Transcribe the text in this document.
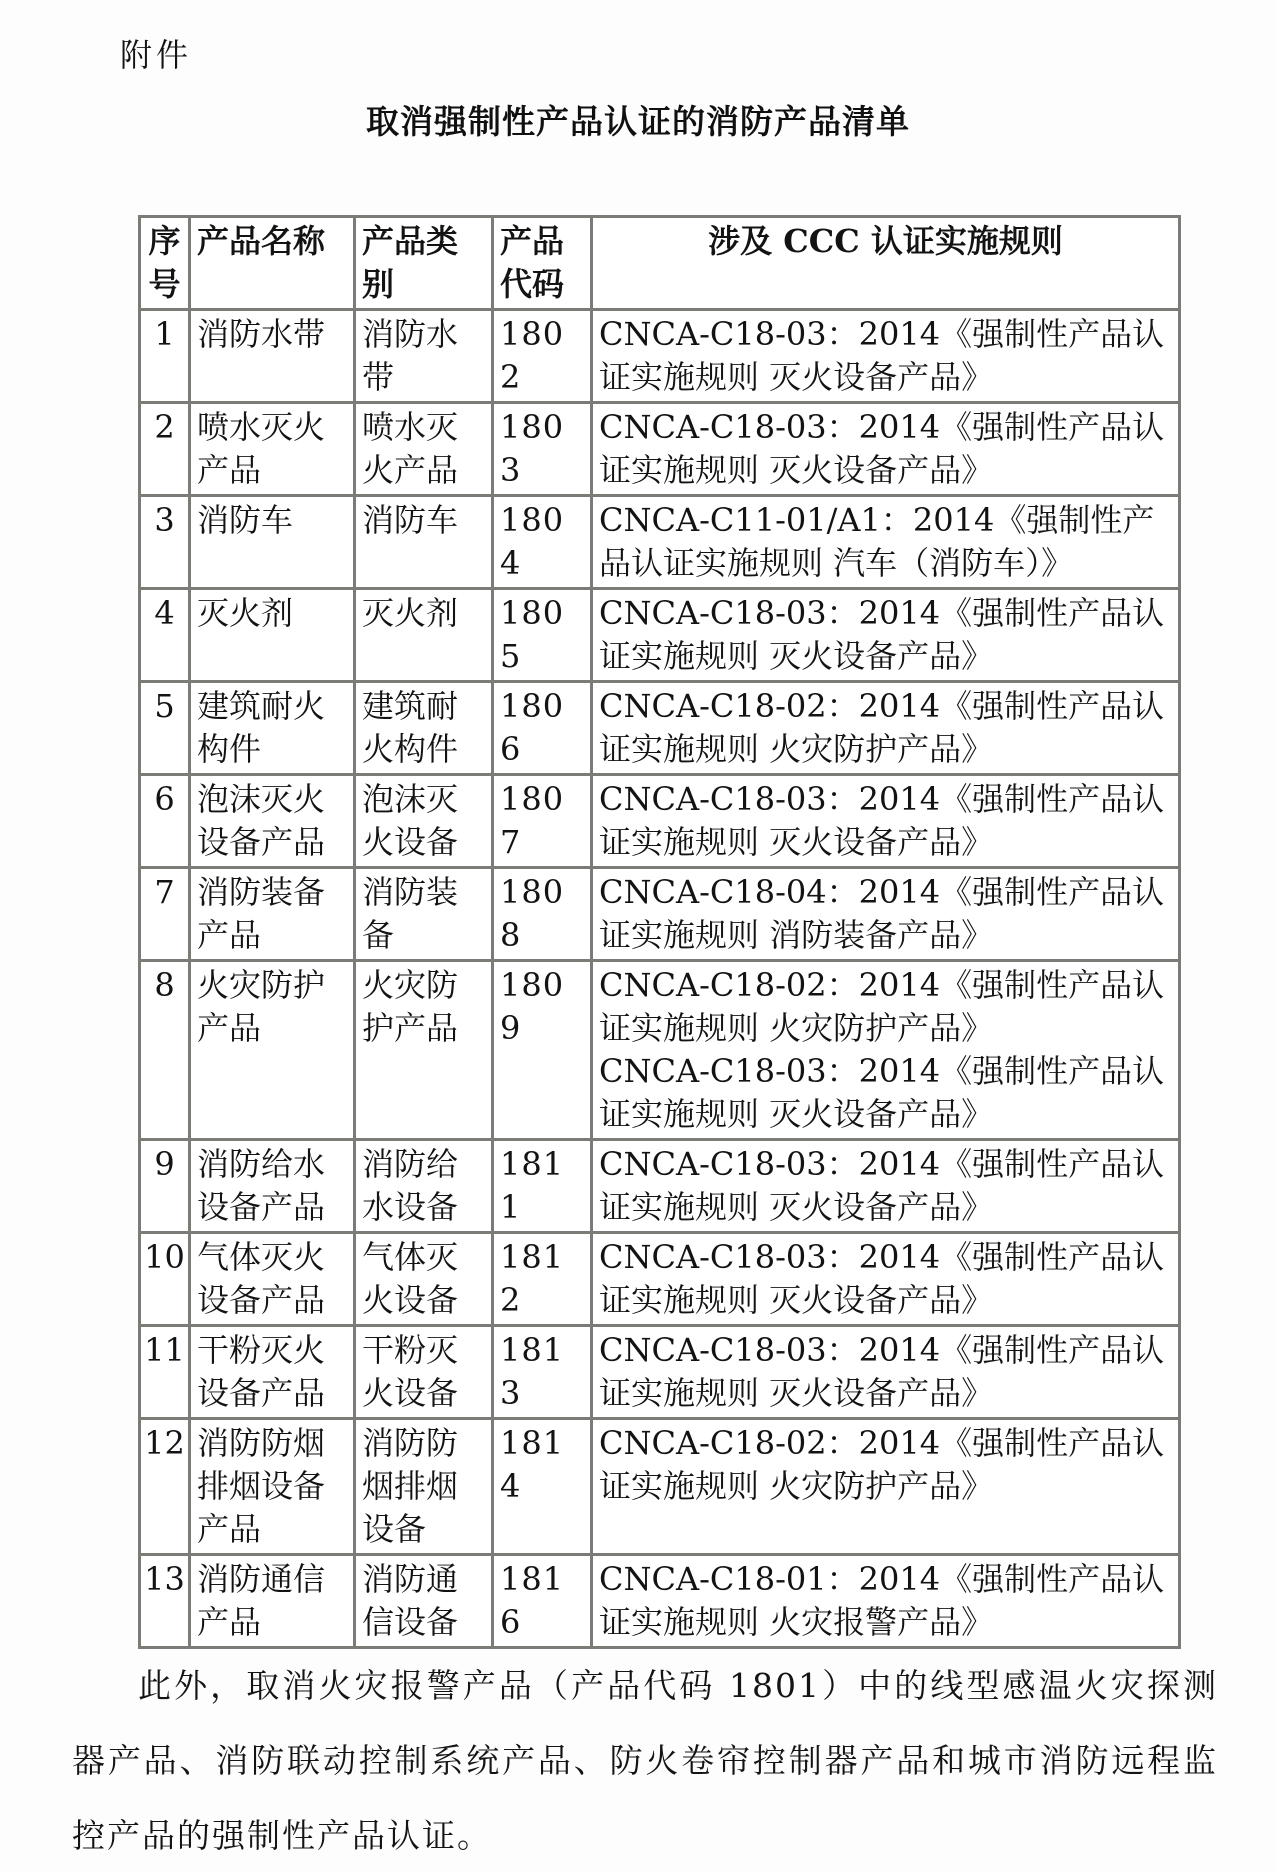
附件
取消强制性产品认证的消防产品清单
序号	产品名称	产品类别	产品代码	涉及 CCC 认证实施规则
1	消防水带	消防水带	1802	CNCA-C18-03：2014《强制性产品认证实施规则 灭火设备产品》

2	喷水灭火产品	喷水灭火产品	1803	CNCA-C18-03：2014《强制性产品认证实施规则 灭火设备产品》

3	消防车	消防车	1804	CNCA-C11-01/A1：2014《强制性产品认证实施规则 汽车（消防车）》

4	灭火剂	灭火剂	1805	CNCA-C18-03：2014《强制性产品认证实施规则 灭火设备产品》

5	建筑耐火构件	建筑耐火构件	1806	CNCA-C18-02：2014《强制性产品认证实施规则 火灾防护产品》

6	泡沫灭火设备产品	泡沫灭火设备	1807	CNCA-C18-03：2014《强制性产品认证实施规则 灭火设备产品》

7	消防装备产品	消防装备	1808	CNCA-C18-04：2014《强制性产品认证实施规则 消防装备产品》

8	火灾防护产品	火灾防护产品	1809	CNCA-C18-02：2014《强制性产品认证实施规则 火灾防护产品》
CNCA-C18-03：2014《强制性产品认证实施规则 灭火设备产品》

9	消防给水设备产品	消防给水设备	1811	CNCA-C18-03：2014《强制性产品认证实施规则 灭火设备产品》

10	气体灭火设备产品	气体灭火设备	1812	CNCA-C18-03：2014《强制性产品认证实施规则 灭火设备产品》

11	干粉灭火设备产品	干粉灭火设备	1813	CNCA-C18-03：2014《强制性产品认证实施规则 灭火设备产品》

12	消防防烟排烟设备产品	消防防烟排烟设备	1814	CNCA-C18-02：2014《强制性产品认证实施规则 火灾防护产品》

13	消防通信产品	消防通信设备	1816	CNCA-C18-01：2014《强制性产品认证实施规则 火灾报警产品》
此外，取消火灾报警产品（产品代码 1801）中的线型感温火灾探测器产品、消防联动控制系统产品、防火卷帘控制器产品和城市消防远程监控产品的强制性产品认证。
